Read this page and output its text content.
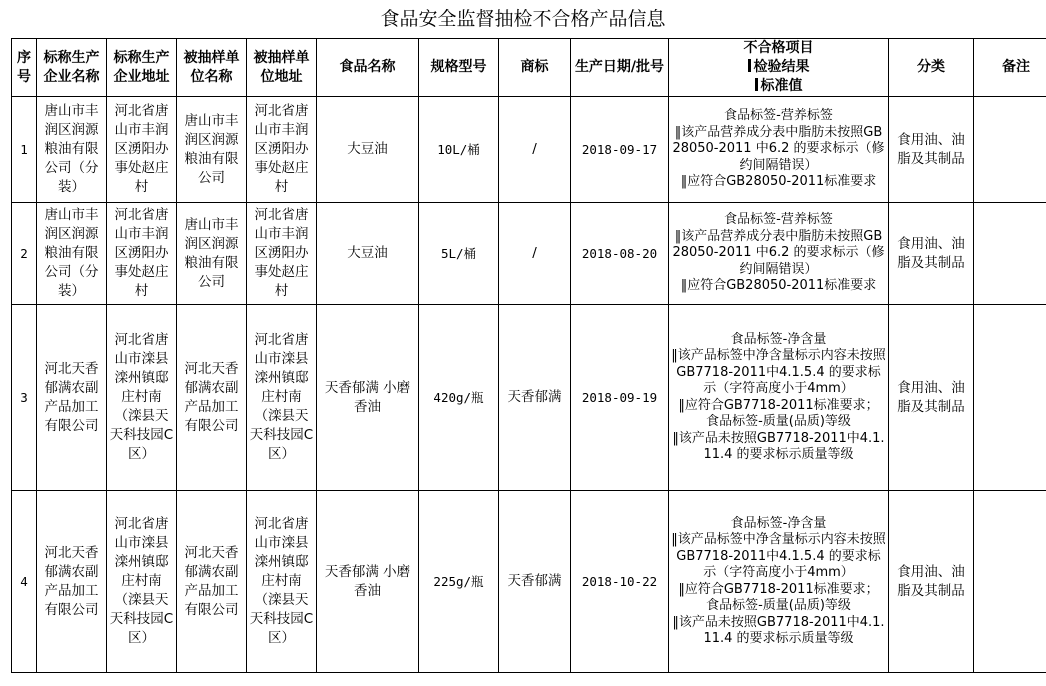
食品安全监督抽检不合格产品信息
序号	标称生产企业名称	标称生产企业地址	被抽样单位名称	被抽样单位地址	食品名称	规格型号	商标	生产日期/批号	不合格项目
检验结果
标准值	分类	备注
1	唐山市丰润区润源粮油有限公司（分装）	河北省唐山市丰润区湧阳办事处赵庄村	唐山市丰润区润源粮油有限公司	河北省唐山市丰润区湧阳办事处赵庄村	大豆油	10L/桶	/	2018-09-17	食品标签-营养标签
‖该产品营养成分表中脂肪未按照GB28050-2011 中6.2 的要求标示（修约间隔错误）
‖应符合GB28050-2011标准要求	食用油、油脂及其制品	
2	唐山市丰润区润源粮油有限公司（分装）	河北省唐山市丰润区湧阳办事处赵庄村	唐山市丰润区润源粮油有限公司	河北省唐山市丰润区湧阳办事处赵庄村	大豆油	5L/桶	/	2018-08-20	食品标签-营养标签
‖该产品营养成分表中脂肪未按照GB28050-2011 中6.2 的要求标示（修约间隔错误）
‖应符合GB28050-2011标准要求	食用油、油脂及其制品	
3	河北天香郁满农副产品加工有限公司	河北省唐山市滦县滦州镇邸庄村南（滦县天天科技园C区）	河北天香郁满农副产品加工有限公司	河北省唐山市滦县滦州镇邸庄村南（滦县天天科技园C区）	天香郁满 小磨香油	420g/瓶	天香郁满	2018-09-19	食品标签-净含量
‖该产品标签中净含量标示内容未按照GB7718-2011中4.1.5.4 的要求标示（字符高度小于4mm）
‖应符合GB7718-2011标准要求；
食品标签-质量(品质)等级
‖该产品未按照GB7718-2011中4.1.11.4 的要求标示质量等级	食用油、油脂及其制品	
4	河北天香郁满农副产品加工有限公司	河北省唐山市滦县滦州镇邸庄村南（滦县天天科技园C区）	河北天香郁满农副产品加工有限公司	河北省唐山市滦县滦州镇邸庄村南（滦县天天科技园C区）	天香郁满 小磨香油	225g/瓶	天香郁满	2018-10-22	食品标签-净含量
‖该产品标签中净含量标示内容未按照GB7718-2011中4.1.5.4 的要求标示（字符高度小于4mm）
‖应符合GB7718-2011标准要求；
食品标签-质量(品质)等级
‖该产品未按照GB7718-2011中4.1.11.4 的要求标示质量等级	食用油、油脂及其制品	
